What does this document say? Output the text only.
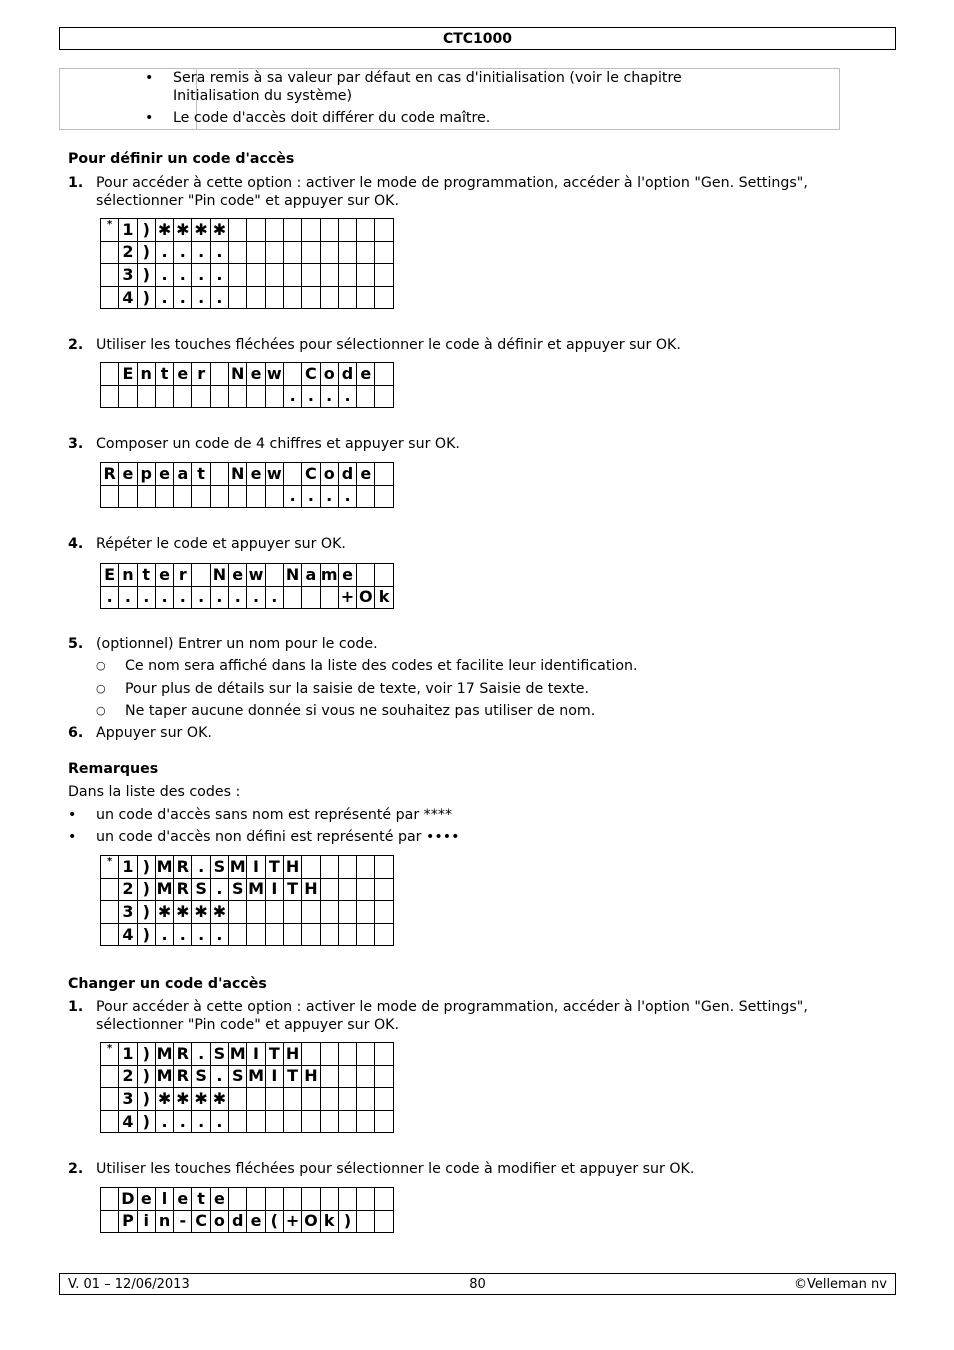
CTC1000
•	Sera remis à sa valeur par défaut en cas d'initialisation (voir le chapitre Initialisation du système)
•	Le code d'accès doit différer du code maître.
Pour définir un code d'accès
1. Pour accéder à cette option : activer le mode de programmation, accéder à l'option "Gen. Settings", sélectionner "Pin code" et appuyer sur OK.
*	1	)	✱	✱	✱	✱									
	2	)	.	.	.	.									
	3	)	.	.	.	.									
	4	)	.	.	.	.									
2. Utiliser les touches fléchées pour sélectionner le code à définir et appuyer sur OK.
	E	n	t	e	r		N	e	w		C	o	d	e	
										.	.	.	.		
3. Composer un code de 4 chiffres et appuyer sur OK.
R	e	p	e	a	t		N	e	w		C	o	d	e	
										.	.	.	.		
4. Répéter le code et appuyer sur OK.
E	n	t	e	r		N	e	w		N	a	m	e		
.	.	.	.	.	.	.	.	.	.				+	O	k
5. (optionnel) Entrer un nom pour le code.
○ Ce nom sera affiché dans la liste des codes et facilite leur identification.
○ Pour plus de détails sur la saisie de texte, voir 17 Saisie de texte.
○ Ne taper aucune donnée si vous ne souhaitez pas utiliser de nom.
6. Appuyer sur OK.
Remarques
Dans la liste des codes :
• un code d'accès sans nom est représenté par ****
• un code d'accès non défini est représenté par ••••
*	1	)	M	R	.	S	M	I	T	H					
	2	)	M	R	S	.	S	M	I	T	H				
	3	)	✱	✱	✱	✱									
	4	)	.	.	.	.									
Changer un code d'accès
1. Pour accéder à cette option : activer le mode de programmation, accéder à l'option "Gen. Settings", sélectionner "Pin code" et appuyer sur OK.
*	1	)	M	R	.	S	M	I	T	H					
	2	)	M	R	S	.	S	M	I	T	H				
	3	)	✱	✱	✱	✱									
	4	)	.	.	.	.									
2. Utiliser les touches fléchées pour sélectionner le code à modifier et appuyer sur OK.
	D	e	l	e	t	e									
	P	i	n	-	C	o	d	e	(	+	O	k	)		
V. 01 – 12/06/2013	80	©Velleman nv
